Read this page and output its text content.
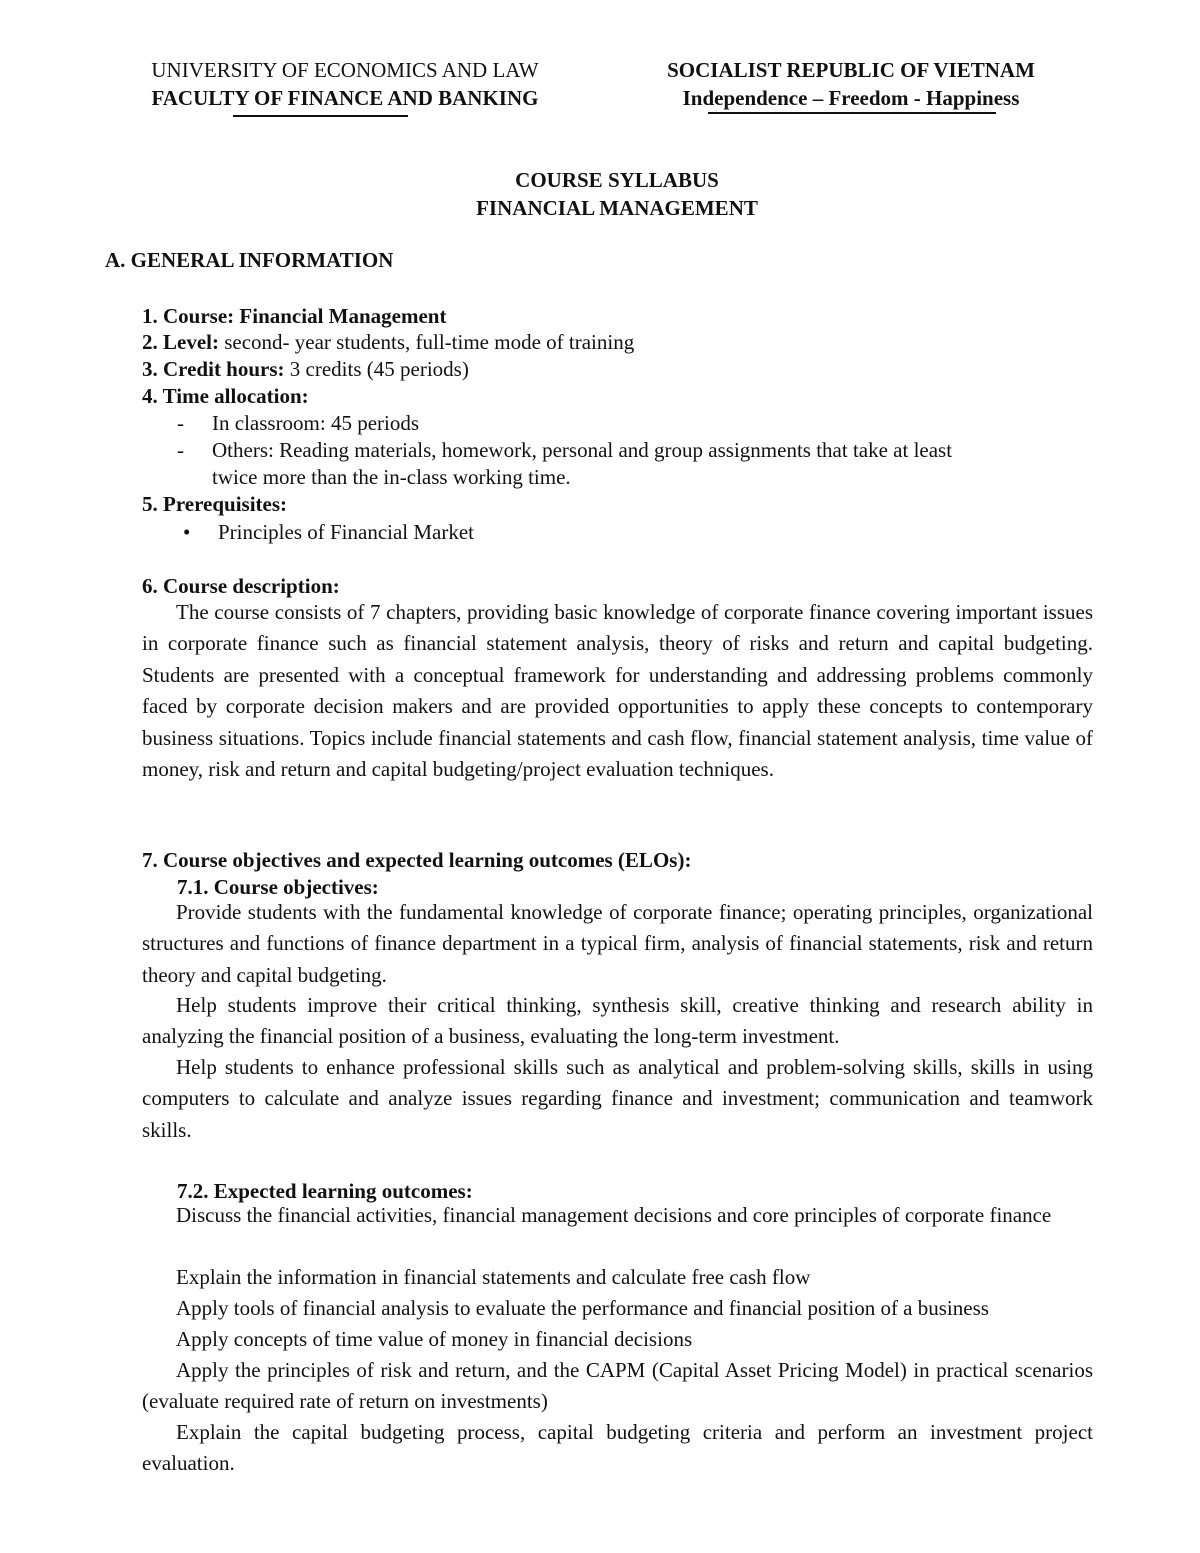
UNIVERSITY OF ECONOMICS AND LAW
FACULTY OF FINANCE AND BANKING
SOCIALIST REPUBLIC OF VIETNAM
Independence – Freedom - Happiness
COURSE SYLLABUS
FINANCIAL MANAGEMENT
A. GENERAL INFORMATION
1. Course: Financial Management
2. Level: second- year students, full-time mode of training
3. Credit hours: 3 credits (45 periods)
4. Time allocation:
- In classroom: 45 periods
- Others: Reading materials, homework, personal and group assignments that take at least
twice more than the in-class working time.
5. Prerequisites:
• Principles of Financial Market
6. Course description:
The course consists of 7 chapters, providing basic knowledge of corporate finance covering important issues in corporate finance such as financial statement analysis, theory of risks and return and capital budgeting. Students are presented with a conceptual framework for understanding and addressing problems commonly faced by corporate decision makers and are provided opportunities to apply these concepts to contemporary business situations. Topics include financial statements and cash flow, financial statement analysis, time value of money, risk and return and capital budgeting/project evaluation techniques.
7. Course objectives and expected learning outcomes (ELOs):
7.1. Course objectives:
Provide students with the fundamental knowledge of corporate finance; operating principles, organizational structures and functions of finance department in a typical firm, analysis of financial statements, risk and return theory and capital budgeting.
Help students improve their critical thinking, synthesis skill, creative thinking and research ability in analyzing the financial position of a business, evaluating the long-term investment.
Help students to enhance professional skills such as analytical and problem-solving skills, skills in using computers to calculate and analyze issues regarding finance and investment; communication and teamwork skills.
7.2. Expected learning outcomes:
Discuss the financial activities, financial management decisions and core principles of corporate finance
Explain the information in financial statements and calculate free cash flow
Apply tools of financial analysis to evaluate the performance and financial position of a business
Apply concepts of time value of money in financial decisions
Apply the principles of risk and return, and the CAPM (Capital Asset Pricing Model) in practical scenarios (evaluate required rate of return on investments)
Explain the capital budgeting process, capital budgeting criteria and perform an investment project evaluation.
